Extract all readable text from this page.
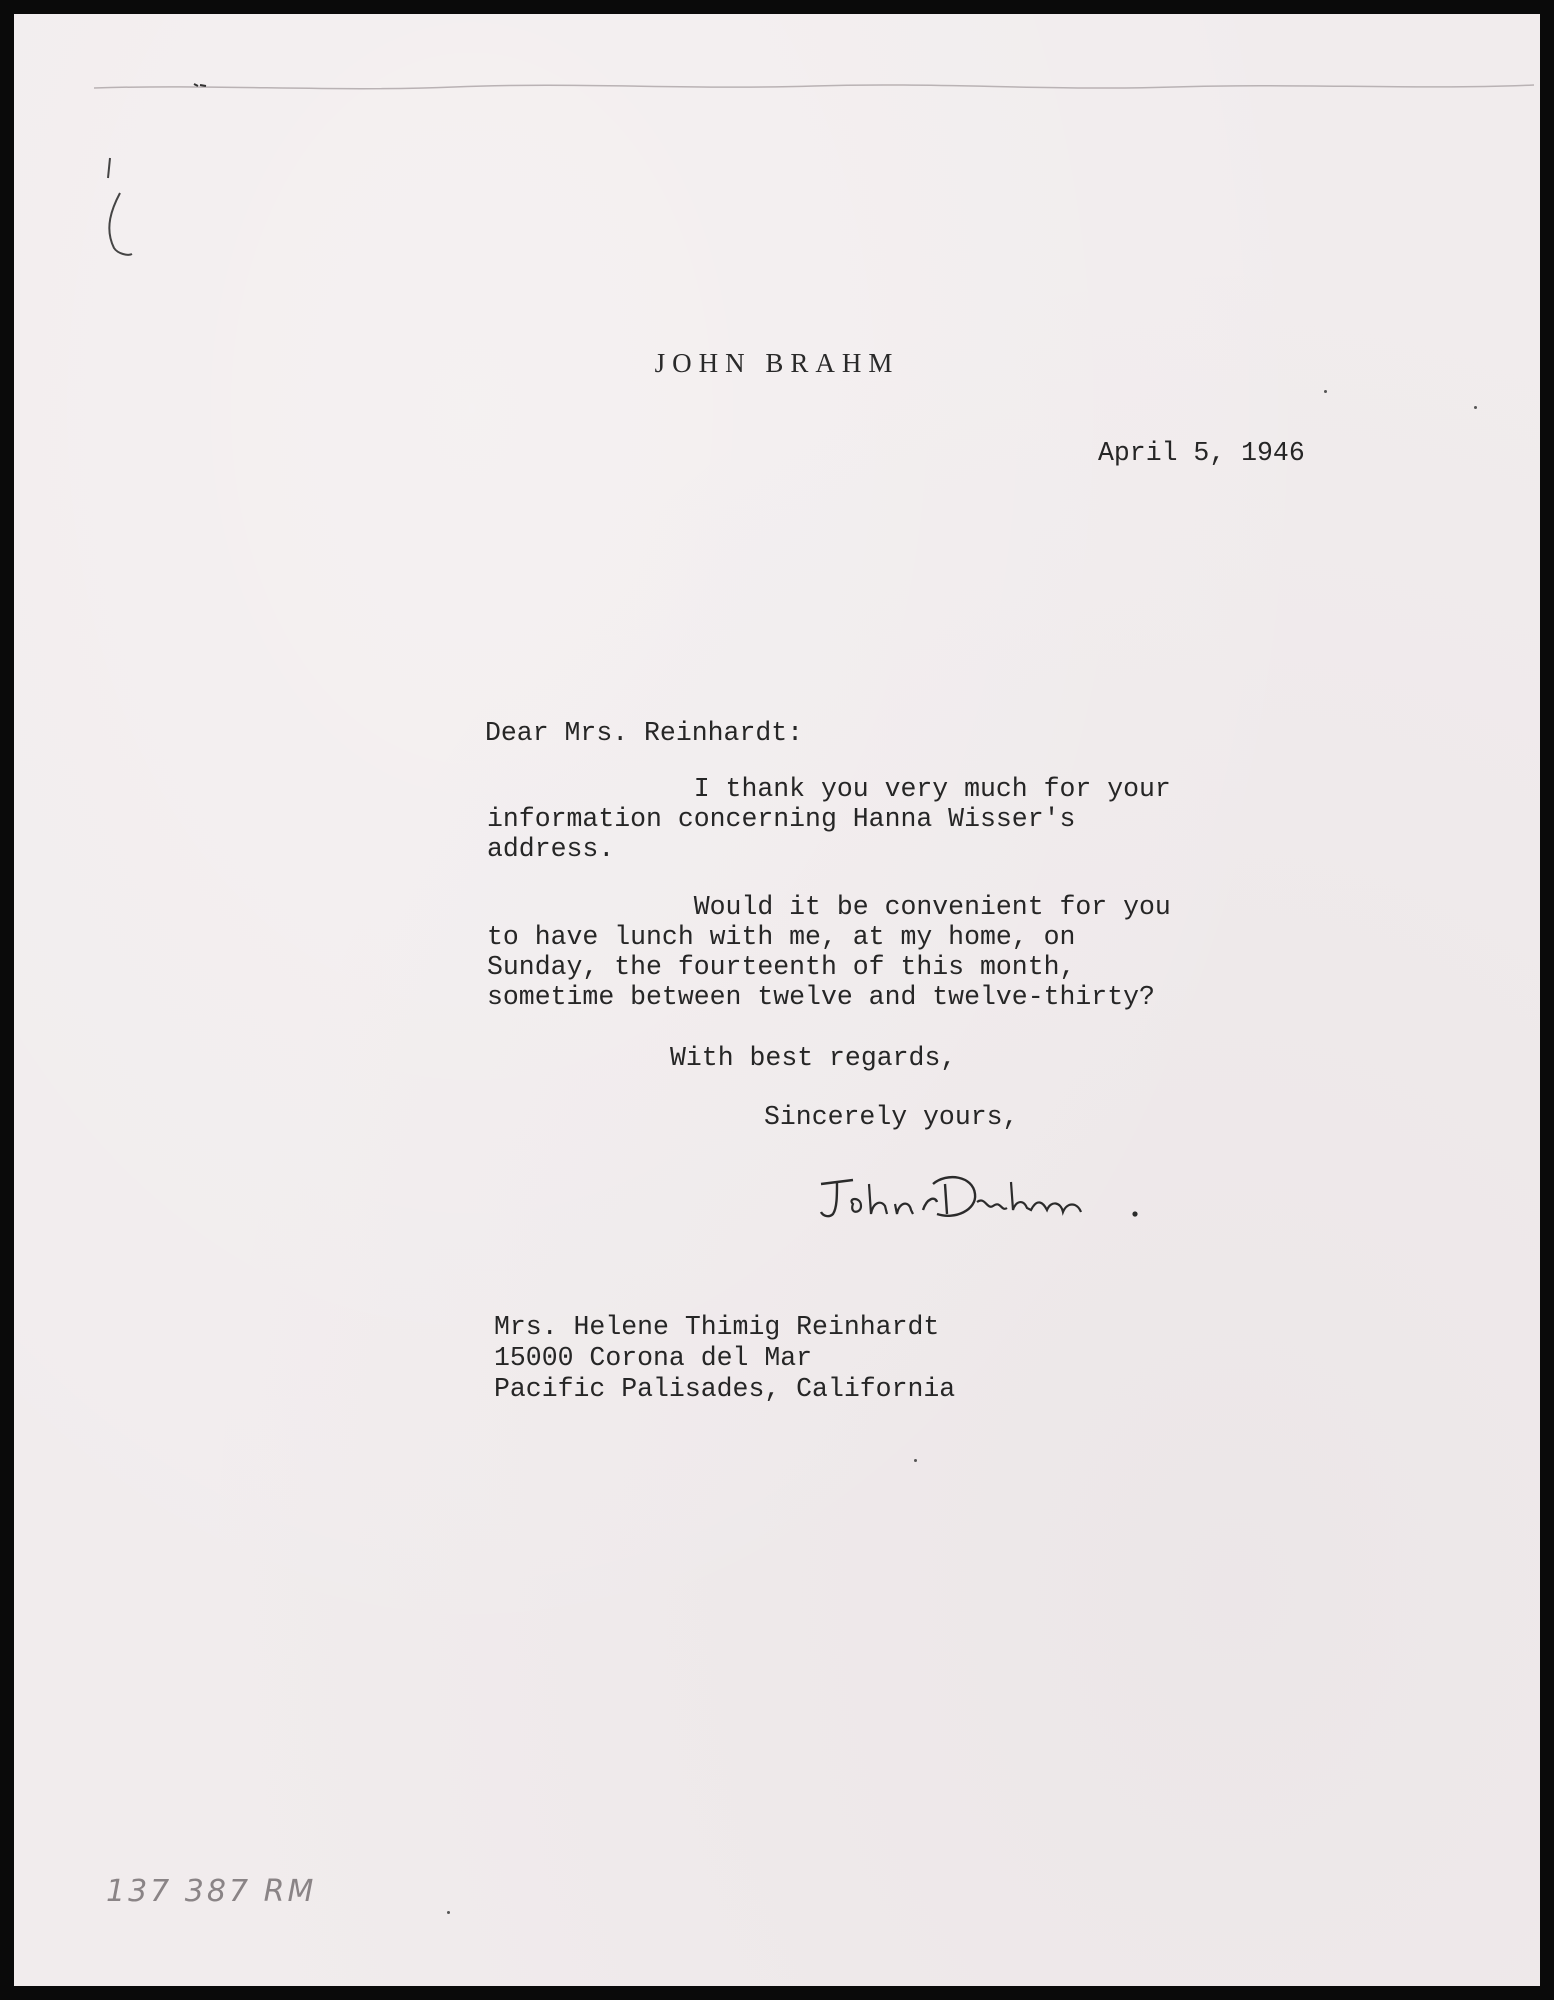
JOHN BRAHM
April 5, 1946
Dear Mrs. Reinhardt:
I thank you very much for your
information concerning Hanna Wisser's
address.
Would it be convenient for you
to have lunch with me, at my home, on
Sunday, the fourteenth of this month,
sometime between twelve and twelve-thirty?
With best regards,
Sincerely yours,
Mrs. Helene Thimig Reinhardt
15000 Corona del Mar
Pacific Palisades, California
137 387 RM
